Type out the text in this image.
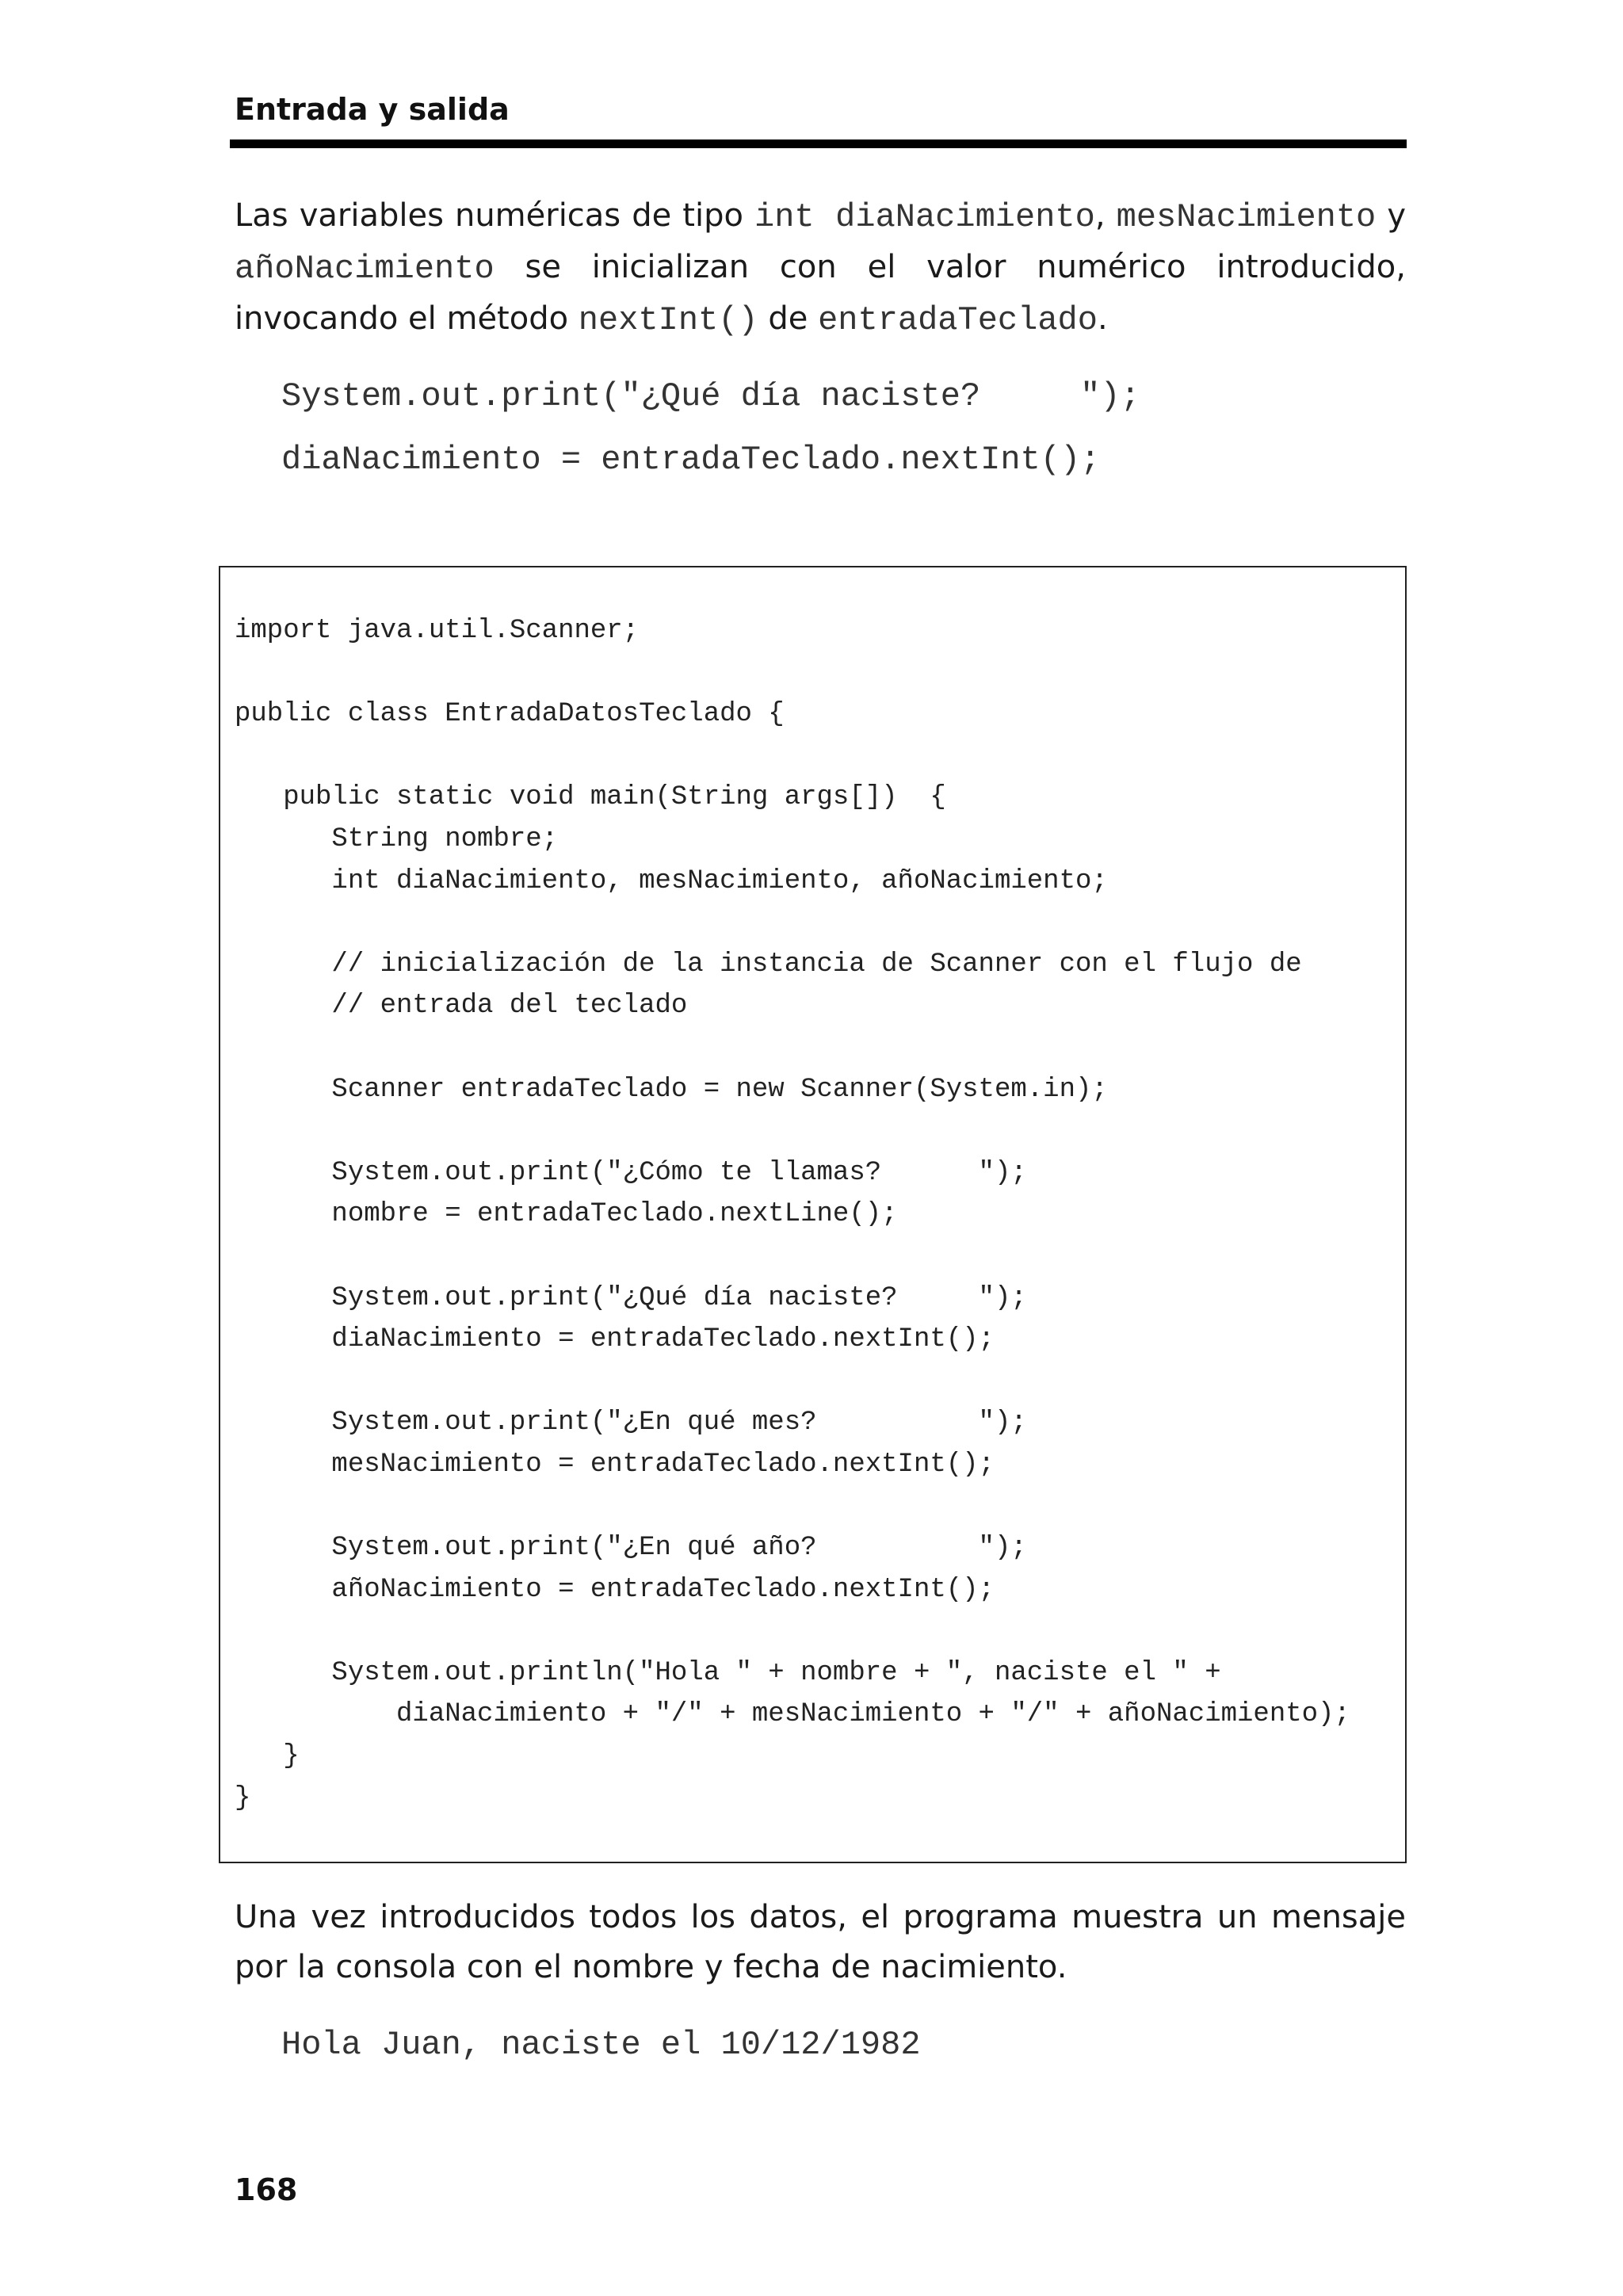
Entrada y salida

Las variables numéricas de tipo int diaNacimiento, mesNacimiento y añoNacimiento se inicializan con el valor numérico introducido, invocando el método nextInt() de entradaTeclado.

System.out.print("¿Qué día naciste?     ");
diaNacimiento = entradaTeclado.nextInt();
import java.util.Scanner;

public class EntradaDatosTeclado {

public static void main(String args[])  {
String nombre;
int diaNacimiento, mesNacimiento, añoNacimiento;

// inicialización de la instancia de Scanner con el flujo de
// entrada del teclado

Scanner entradaTeclado = new Scanner(System.in);

System.out.print("¿Cómo te llamas?      ");
nombre = entradaTeclado.nextLine();

System.out.print("¿Qué día naciste?     ");
diaNacimiento = entradaTeclado.nextInt();

System.out.print("¿En qué mes?          ");
mesNacimiento = entradaTeclado.nextInt();

System.out.print("¿En qué año?          ");
añoNacimiento = entradaTeclado.nextInt();

System.out.println("Hola " + nombre + ", naciste el " +
diaNacimiento + "/" + mesNacimiento + "/" + añoNacimiento);
}
}

Una vez introducidos todos los datos, el programa muestra un mensaje por la consola con el nombre y fecha de nacimiento.

Hola Juan, naciste el 10/12/1982
168
